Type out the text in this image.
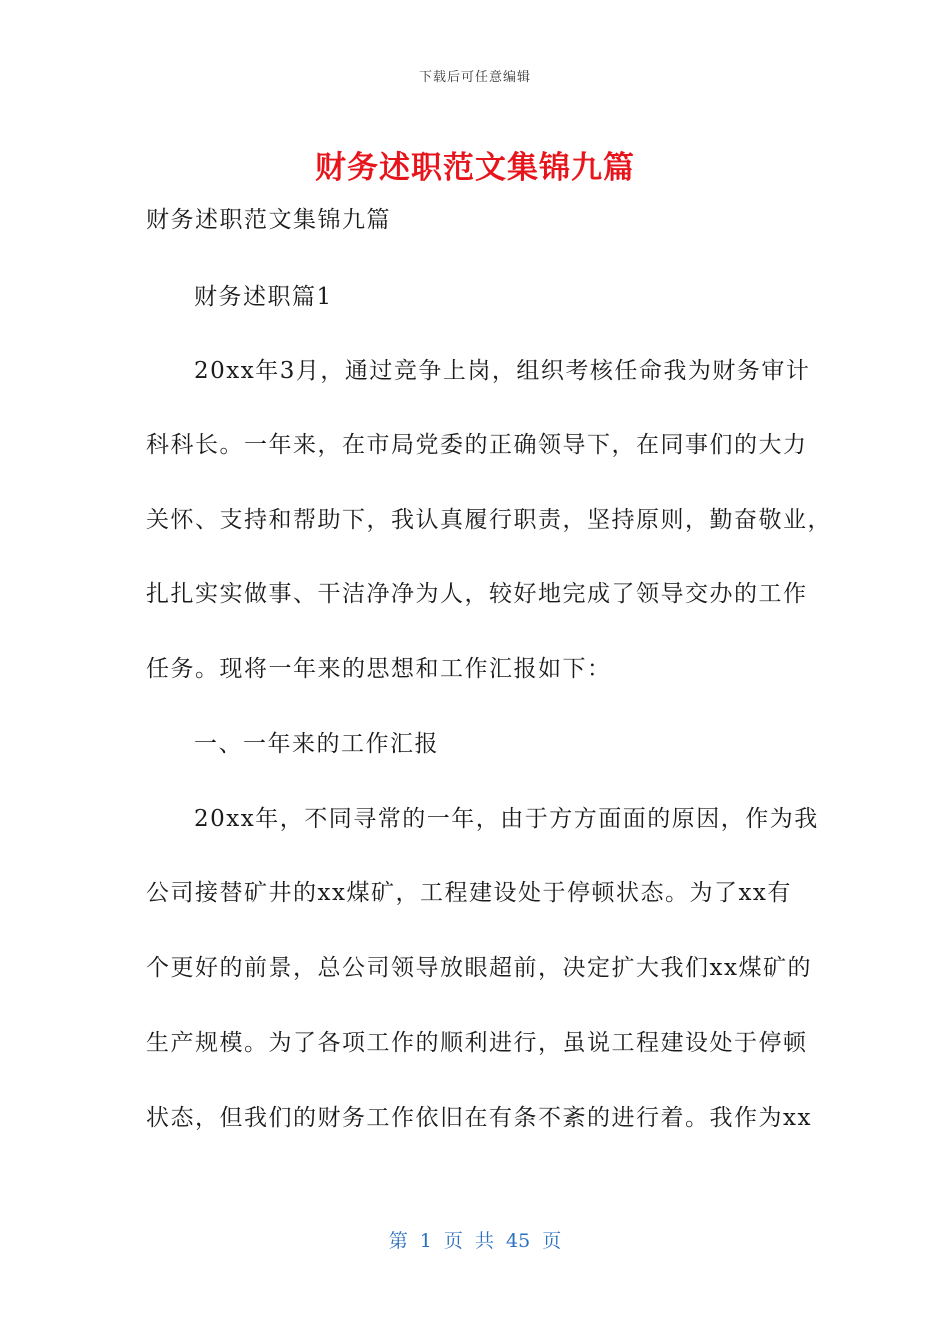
下载后可任意编辑
财务述职范文集锦九篇
财务述职范文集锦九篇
财务述职篇1
20xx年3月，通过竞争上岗，组织考核任命我为财务审计
科科长。一年来，在市局党委的正确领导下，在同事们的大力
关怀、支持和帮助下，我认真履行职责，坚持原则，勤奋敬业，
扎扎实实做事、干洁净净为人，较好地完成了领导交办的工作
任务。现将一年来的思想和工作汇报如下：
一、一年来的工作汇报
20xx年，不同寻常的一年，由于方方面面的原因，作为我
公司接替矿井的xx煤矿，工程建设处于停顿状态。为了xx有
个更好的前景，总公司领导放眼超前，决定扩大我们xx煤矿的
生产规模。为了各项工作的顺利进行，虽说工程建设处于停顿
状态，但我们的财务工作依旧在有条不紊的进行着。我作为xx
第 1 页 共 45 页
